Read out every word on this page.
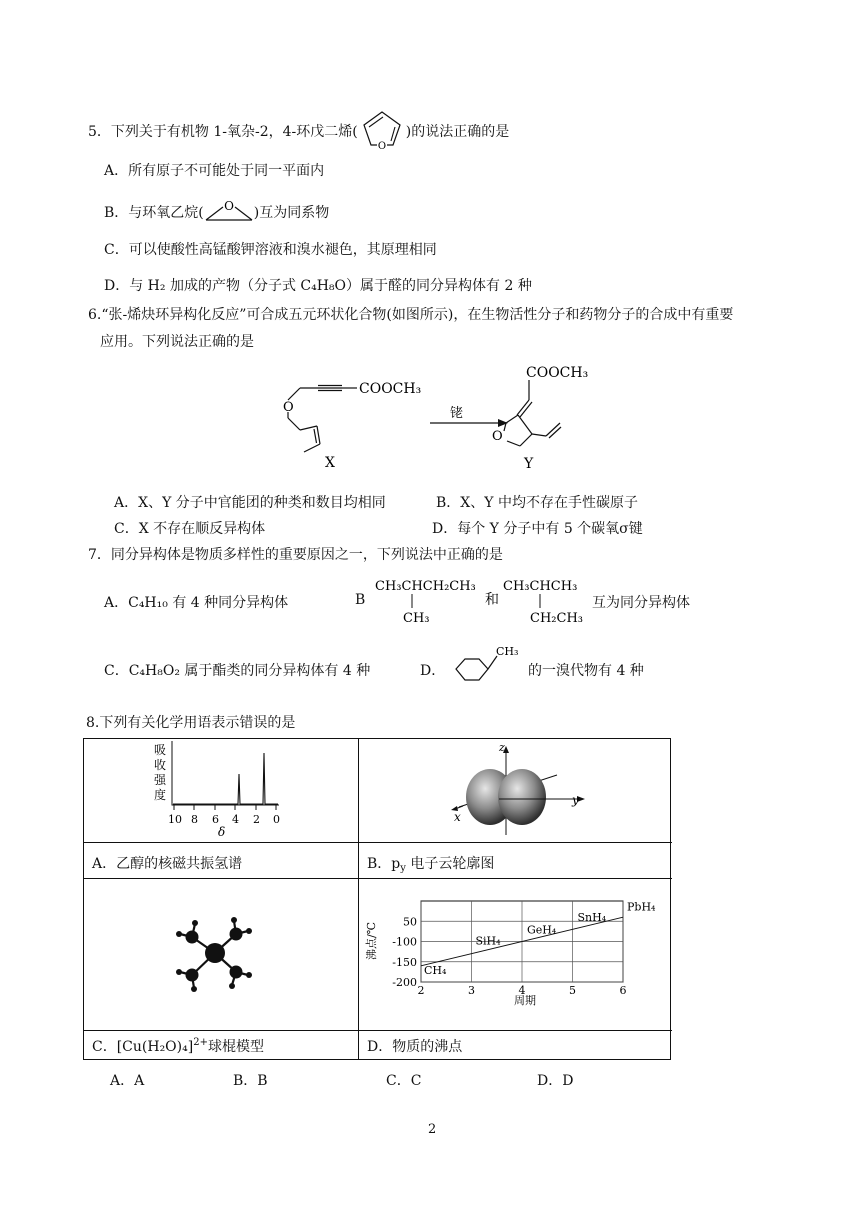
5．下列关于有机物 1-氧杂-2，4-环戊二烯(
O
)的说法正确的是
A．所有原子不可能处于同一平面内
B．与环氧乙烷( O )互为同系物
C．可以使酸性高锰酸钾溶液和溴水褪色，其原理相同
D．与 H₂ 加成的产物（分子式 C₄H₈O）属于醛的同分异构体有 2 种
6.“张-烯炔环异构化反应”可合成五元环状化合物(如图所示)，在生物活性分子和药物分子的合成中有重要
应用。下列说法正确的是
O
COOCH₃
X
铑
O
COOCH₃
Y
A．X、Y 分子中官能团的种类和数目均相同	B．X、Y 中均不存在手性碳原子
C．X 不存在顺反异构体	D．每个 Y 分子中有 5 个碳氧σ键
7．同分异构体是物质多样性的重要原因之一，下列说法中正确的是
A．C₄H₁₀ 有 4 种同分异构体	B
CH₃CHCH₂CH₃
CH₃
和
CH₃CHCH₃
CH₂CH₃
互为同分异构体
C．C₄H₈O₂ 属于酯类的同分异构体有 4 种	D．
CH₃
的一溴代物有 4 种
8.下列有关化学用语表示错误的是
吸
收
强
度
10 8 6 4 2 0
δ
z
y
x
A．乙醇的核磁共振氢谱	B．$p_y$ 电子云轮廓图
50
-100
-150
-200
2	3	4	5	6
CH₄
SiH₄
GeH₄
SnH₄
PbH₄
沸点/℃
周期
C．$[Cu(H_2O)_4]^{2+}$球棍模型	D．物质的沸点
A．A	B．B	C．C	D．D
2
